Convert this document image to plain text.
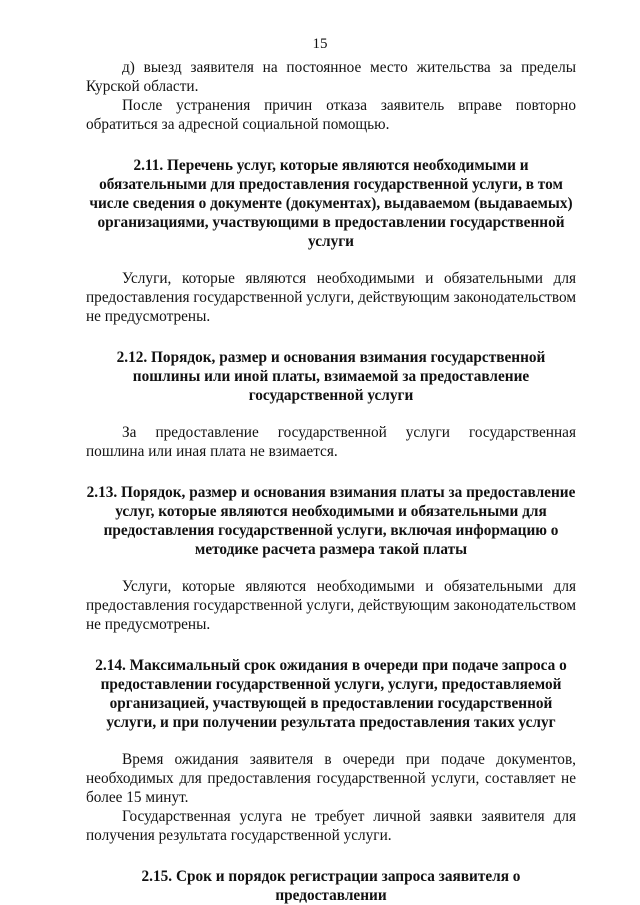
15

д) выезд заявителя на постоянное место жительства за пределы Курской области.

После устранения причин отказа заявитель вправе повторно обратиться за адресной социальной помощью.

2.11. Перечень услуг, которые являются необходимыми и обязательными для предоставления государственной услуги, в том числе сведения о документе (документах), выдаваемом (выдаваемых) организациями, участвующими в предоставлении государственной услуги

Услуги, которые являются необходимыми и обязательными для предоставления государственной услуги, действующим законодательством не предусмотрены.

2.12. Порядок, размер и основания взимания государственной пошлины или иной платы, взимаемой за предоставление государственной услуги

За предоставление государственной услуги государственная пошлина или иная плата не взимается.

2.13. Порядок, размер и основания взимания платы за предоставление услуг, которые являются необходимыми и обязательными для предоставления государственной услуги, включая информацию о методике расчета размера такой платы

Услуги, которые являются необходимыми и обязательными для предоставления государственной услуги, действующим законодательством не предусмотрены.

2.14. Максимальный срок ожидания в очереди при подаче запроса о предоставлении государственной услуги, услуги, предоставляемой организацией, участвующей в предоставлении государственной услуги, и при получении результата предоставления таких услуг

Время ожидания заявителя в очереди при подаче документов, необходимых для предоставления государственной услуги, составляет не более 15 минут.

Государственная услуга не требует личной заявки заявителя для получения результата государственной услуги.

2.15. Срок и порядок регистрации запроса заявителя о предоставлении
